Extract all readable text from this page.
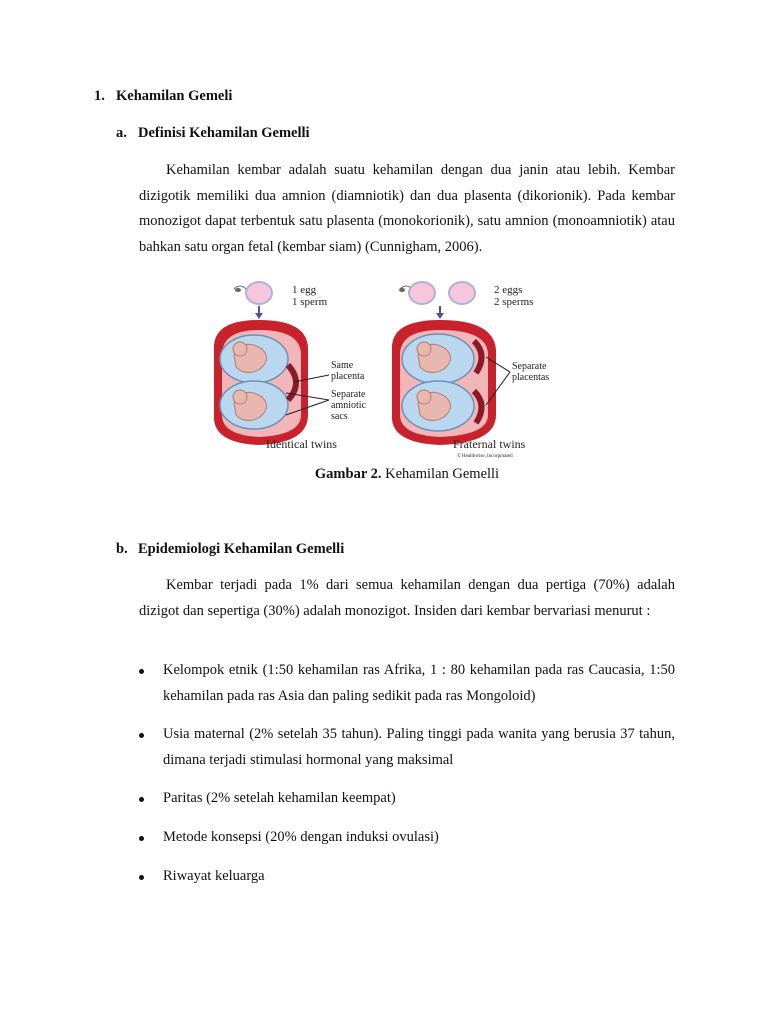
1. Kehamilan Gemeli
a. Definisi Kehamilan Gemelli

Kehamilan kembar adalah suatu kehamilan dengan dua janin atau lebih. Kembar dizigotik memiliki dua amnion (diamniotik) dan dua plasenta (dikorionik). Pada kembar monozigot dapat terbentuk satu plasenta (monokorionik), satu amnion (monoamniotik) atau bahkan satu organ fetal (kembar siam) (Cunnigham, 2006).

1 egg
1 sperm
2 eggs
2 sperms
Same
placenta
Separate
amniotic
sacs
Separate
placentas
Identical twins	Fraternal twins
© Healthwise, Incorporated
Gambar 2. Kehamilan Gemelli
b. Epidemiologi Kehamilan Gemelli

Kembar terjadi pada 1% dari semua kehamilan dengan dua pertiga (70%) adalah dizigot dan sepertiga (30%) adalah monozigot. Insiden dari kembar bervariasi menurut :

Kelompok etnik (1:50 kehamilan ras Afrika, 1 : 80 kehamilan pada ras Caucasia, 1:50 kehamilan pada ras Asia dan paling sedikit pada ras Mongoloid)
Usia maternal (2% setelah 35 tahun). Paling tinggi pada wanita yang berusia 37 tahun, dimana terjadi stimulasi hormonal yang maksimal
Paritas (2% setelah kehamilan keempat)
Metode konsepsi (20% dengan induksi ovulasi)
Riwayat keluarga
